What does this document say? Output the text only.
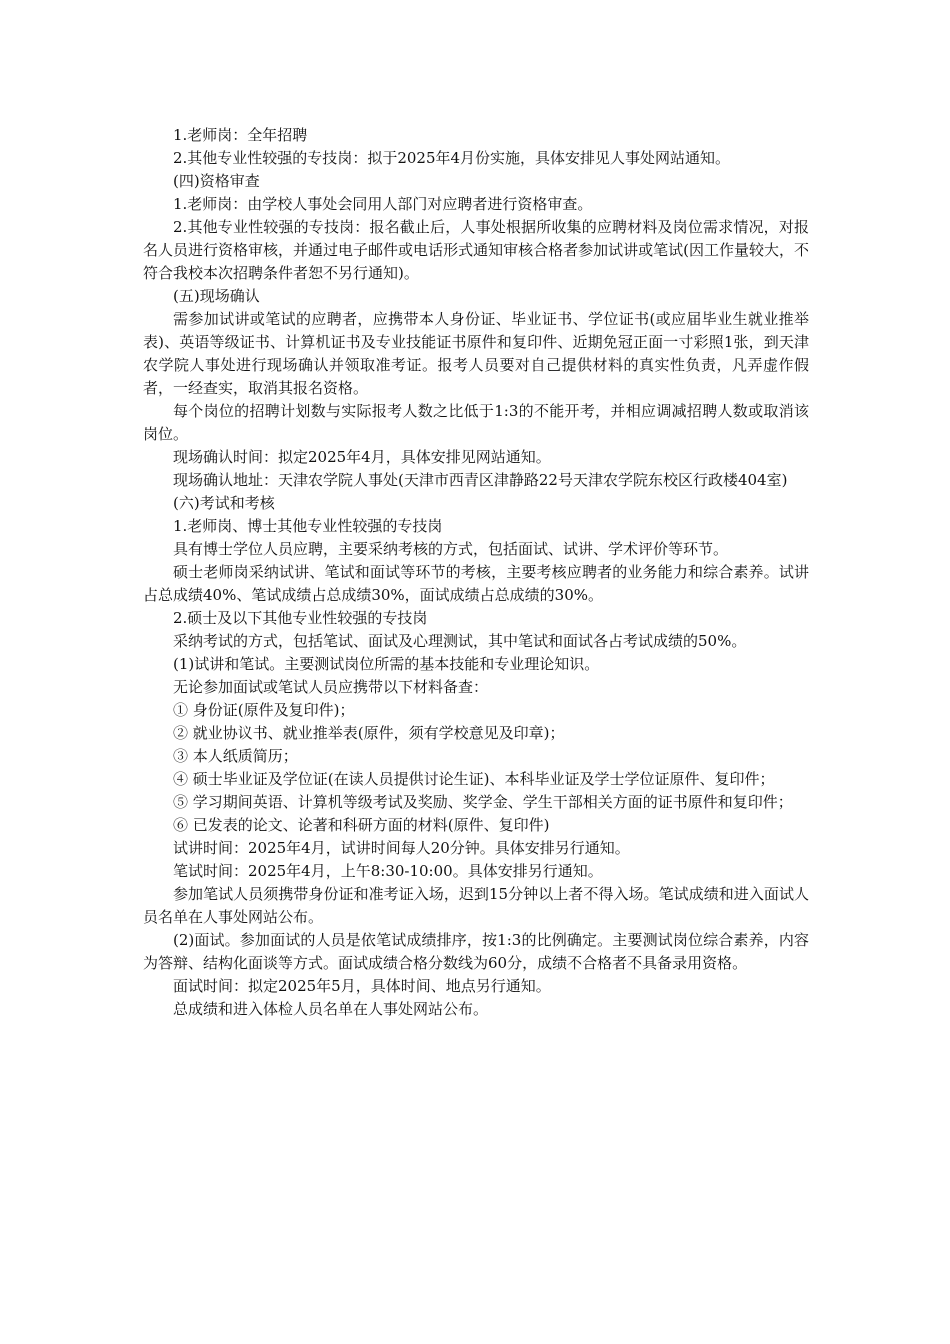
1.老师岗：全年招聘

2.其他专业性较强的专技岗：拟于2025年4月份实施，具体安排见人事处网站通知。

(四)资格审查

1.老师岗：由学校人事处会同用人部门对应聘者进行资格审查。

2.其他专业性较强的专技岗：报名截止后，人事处根据所收集的应聘材料及岗位需求情况，对报名人员进行资格审核，并通过电子邮件或电话形式通知审核合格者参加试讲或笔试(因工作量较大，不符合我校本次招聘条件者恕不另行通知)。

(五)现场确认

需参加试讲或笔试的应聘者，应携带本人身份证、毕业证书、学位证书(或应届毕业生就业推举表)、英语等级证书、计算机证书及专业技能证书原件和复印件、近期免冠正面一寸彩照1张，到天津农学院人事处进行现场确认并领取准考证。报考人员要对自己提供材料的真实性负责，凡弄虚作假者，一经查实，取消其报名资格。

每个岗位的招聘计划数与实际报考人数之比低于1:3的不能开考，并相应调减招聘人数或取消该岗位。

现场确认时间：拟定2025年4月，具体安排见网站通知。

现场确认地址：天津农学院人事处(天津市西青区津静路22号天津农学院东校区行政楼404室)

(六)考试和考核

1.老师岗、博士其他专业性较强的专技岗

具有博士学位人员应聘，主要采纳考核的方式，包括面试、试讲、学术评价等环节。

硕士老师岗采纳试讲、笔试和面试等环节的考核，主要考核应聘者的业务能力和综合素养。试讲占总成绩40%、笔试成绩占总成绩30%，面试成绩占总成绩的30%。

2.硕士及以下其他专业性较强的专技岗

采纳考试的方式，包括笔试、面试及心理测试，其中笔试和面试各占考试成绩的50%。

(1)试讲和笔试。主要测试岗位所需的基本技能和专业理论知识。

无论参加面试或笔试人员应携带以下材料备查：

① 身份证(原件及复印件)；

② 就业协议书、就业推举表(原件，须有学校意见及印章)；

③ 本人纸质简历；

④ 硕士毕业证及学位证(在读人员提供讨论生证)、本科毕业证及学士学位证原件、复印件；

⑤ 学习期间英语、计算机等级考试及奖励、奖学金、学生干部相关方面的证书原件和复印件；

⑥ 已发表的论文、论著和科研方面的材料(原件、复印件)

试讲时间：2025年4月，试讲时间每人20分钟。具体安排另行通知。

笔试时间：2025年4月，上午8:30-10:00。具体安排另行通知。

参加笔试人员须携带身份证和准考证入场，迟到15分钟以上者不得入场。笔试成绩和进入面试人员名单在人事处网站公布。

(2)面试。参加面试的人员是依笔试成绩排序，按1:3的比例确定。主要测试岗位综合素养，内容为答辩、结构化面谈等方式。面试成绩合格分数线为60分，成绩不合格者不具备录用资格。

面试时间：拟定2025年5月，具体时间、地点另行通知。

总成绩和进入体检人员名单在人事处网站公布。
